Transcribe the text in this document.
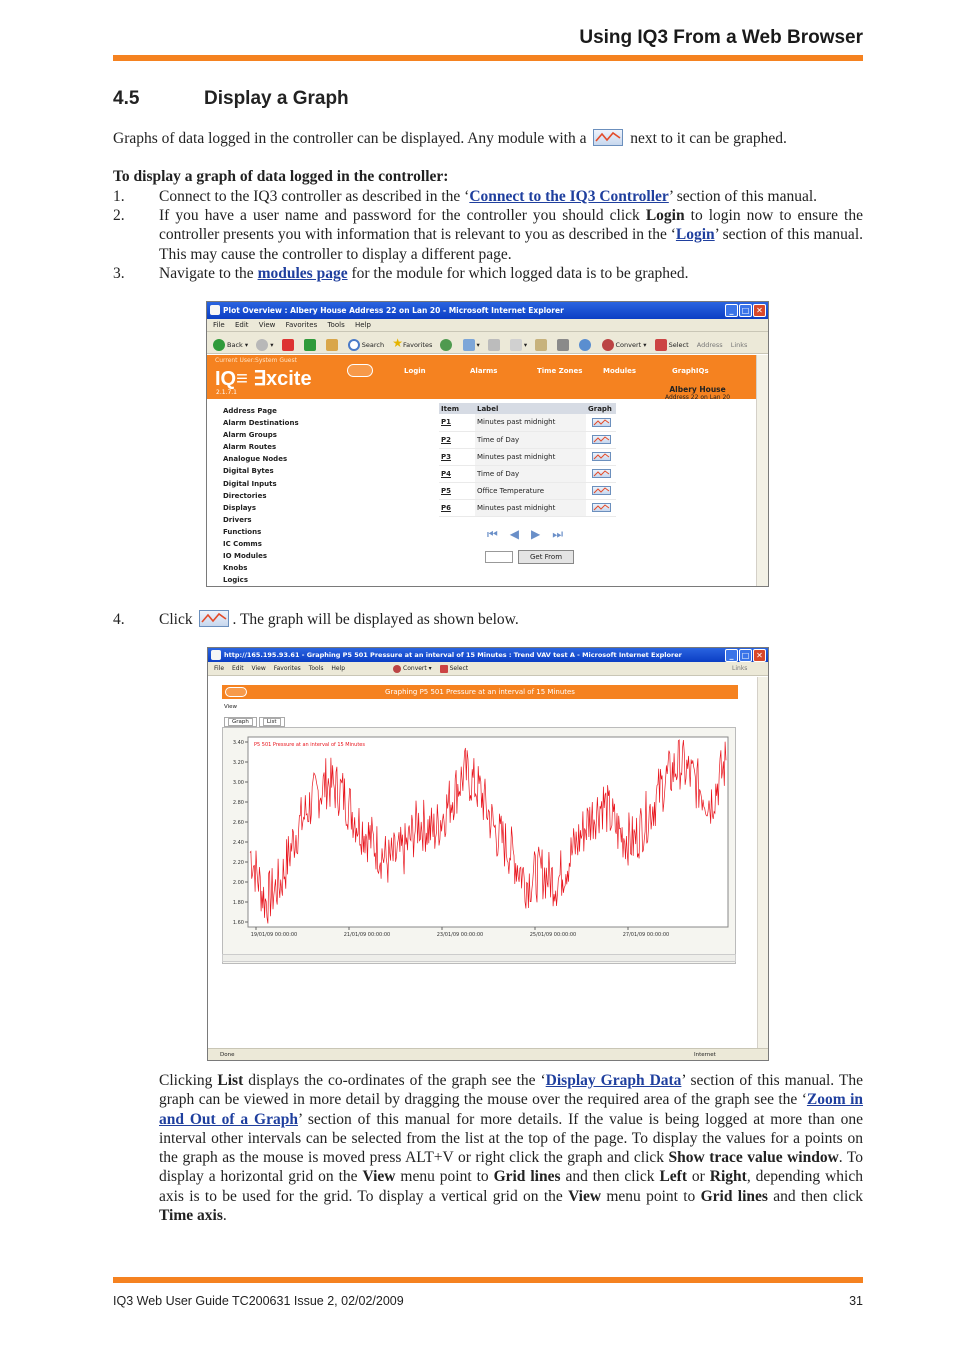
Using IQ3 From a Web Browser
4.5	Display a Graph
Graphs of data logged in the controller can be displayed. Any module with a	next to it can be graphed.
To display a graph of data logged in the controller:
1. Connect to the IQ3 controller as described in the ‘Connect to the IQ3 Controller’ section of this manual.
2. If you have a user name and password for the controller you should click Login to login now to ensure the controller presents you with information that is relevant to you as described in the ‘Login’ section of this manual. This may cause the controller to display a different page.
3. Navigate to the modules page for the module for which logged data is to be graphed.
Plot Overview : Albery House Address 22 on Lan 20 - Microsoft Internet Explorer	_	□ ✕
File Edit View Favorites Tools Help
Back ▾	▾	Search ★Favorites	▾	▾	Convert ▾	Select Address Links
Current User:System Guest
IQ≡ ∃xcite
2.1.7.1
Login	Alarms	Time Zones	Modules	GraphIQs
Address Page
Alarm Destinations
Alarm Groups
Alarm Routes
Analogue Nodes
Digital Bytes
Digital Inputs
Directories
Displays
Drivers
Functions
IC Comms
IO Modules
Knobs
Logics
Plot Overview	Albery House
Address 22 on Lan 20
Item	Label	Graph
P1	Minutes past midnight	

P2	Time of Day	

P3	Minutes past midnight	

P4	Time of Day	

P5	Office Temperature	

P6	Minutes past midnight	
⏮◀▶⏭
Get From
4. Click	. The graph will be displayed as shown below.
http://165.195.93.61 - Graphing P5 501 Pressure at an interval of 15 Minutes : Trend VAV test A - Microsoft Internet Explorer	_	□ ✕
File Edit View Favorites Tools Help	Convert ▾	Select	Links
Graphing P5 501 Pressure at an interval of 15 Minutes
View
Graph	List
3.40
3.20
3.00
2.80
2.60
2.40
2.20
2.00
1.80
1.60
19/01/09 00:00:00	21/01/09 00:00:00	23/01/09 00:00:00	25/01/09 00:00:00	27/01/09 00:00:00
P5 501 Pressure at an interval of 15 Minutes
Done	Internet
Clicking List displays the co-ordinates of the graph see the ‘Display Graph Data’ section of this manual. The graph can be viewed in more detail by dragging the mouse over the required area of the graph see the ‘Zoom in and Out of a Graph’ section of this manual for more details. If the value is being logged at more than one interval other intervals can be selected from the list at the top of the page. To display the values for a points on the graph as the mouse is moved press ALT+V or right click the graph and click Show trace value window. To display a horizontal grid on the View menu point to Grid lines and then click Left or Right, depending which axis is to be used for the grid. To display a vertical grid on the View menu point to Grid lines and then click Time axis.
IQ3 Web User Guide TC200631 Issue 2, 02/02/2009	31
